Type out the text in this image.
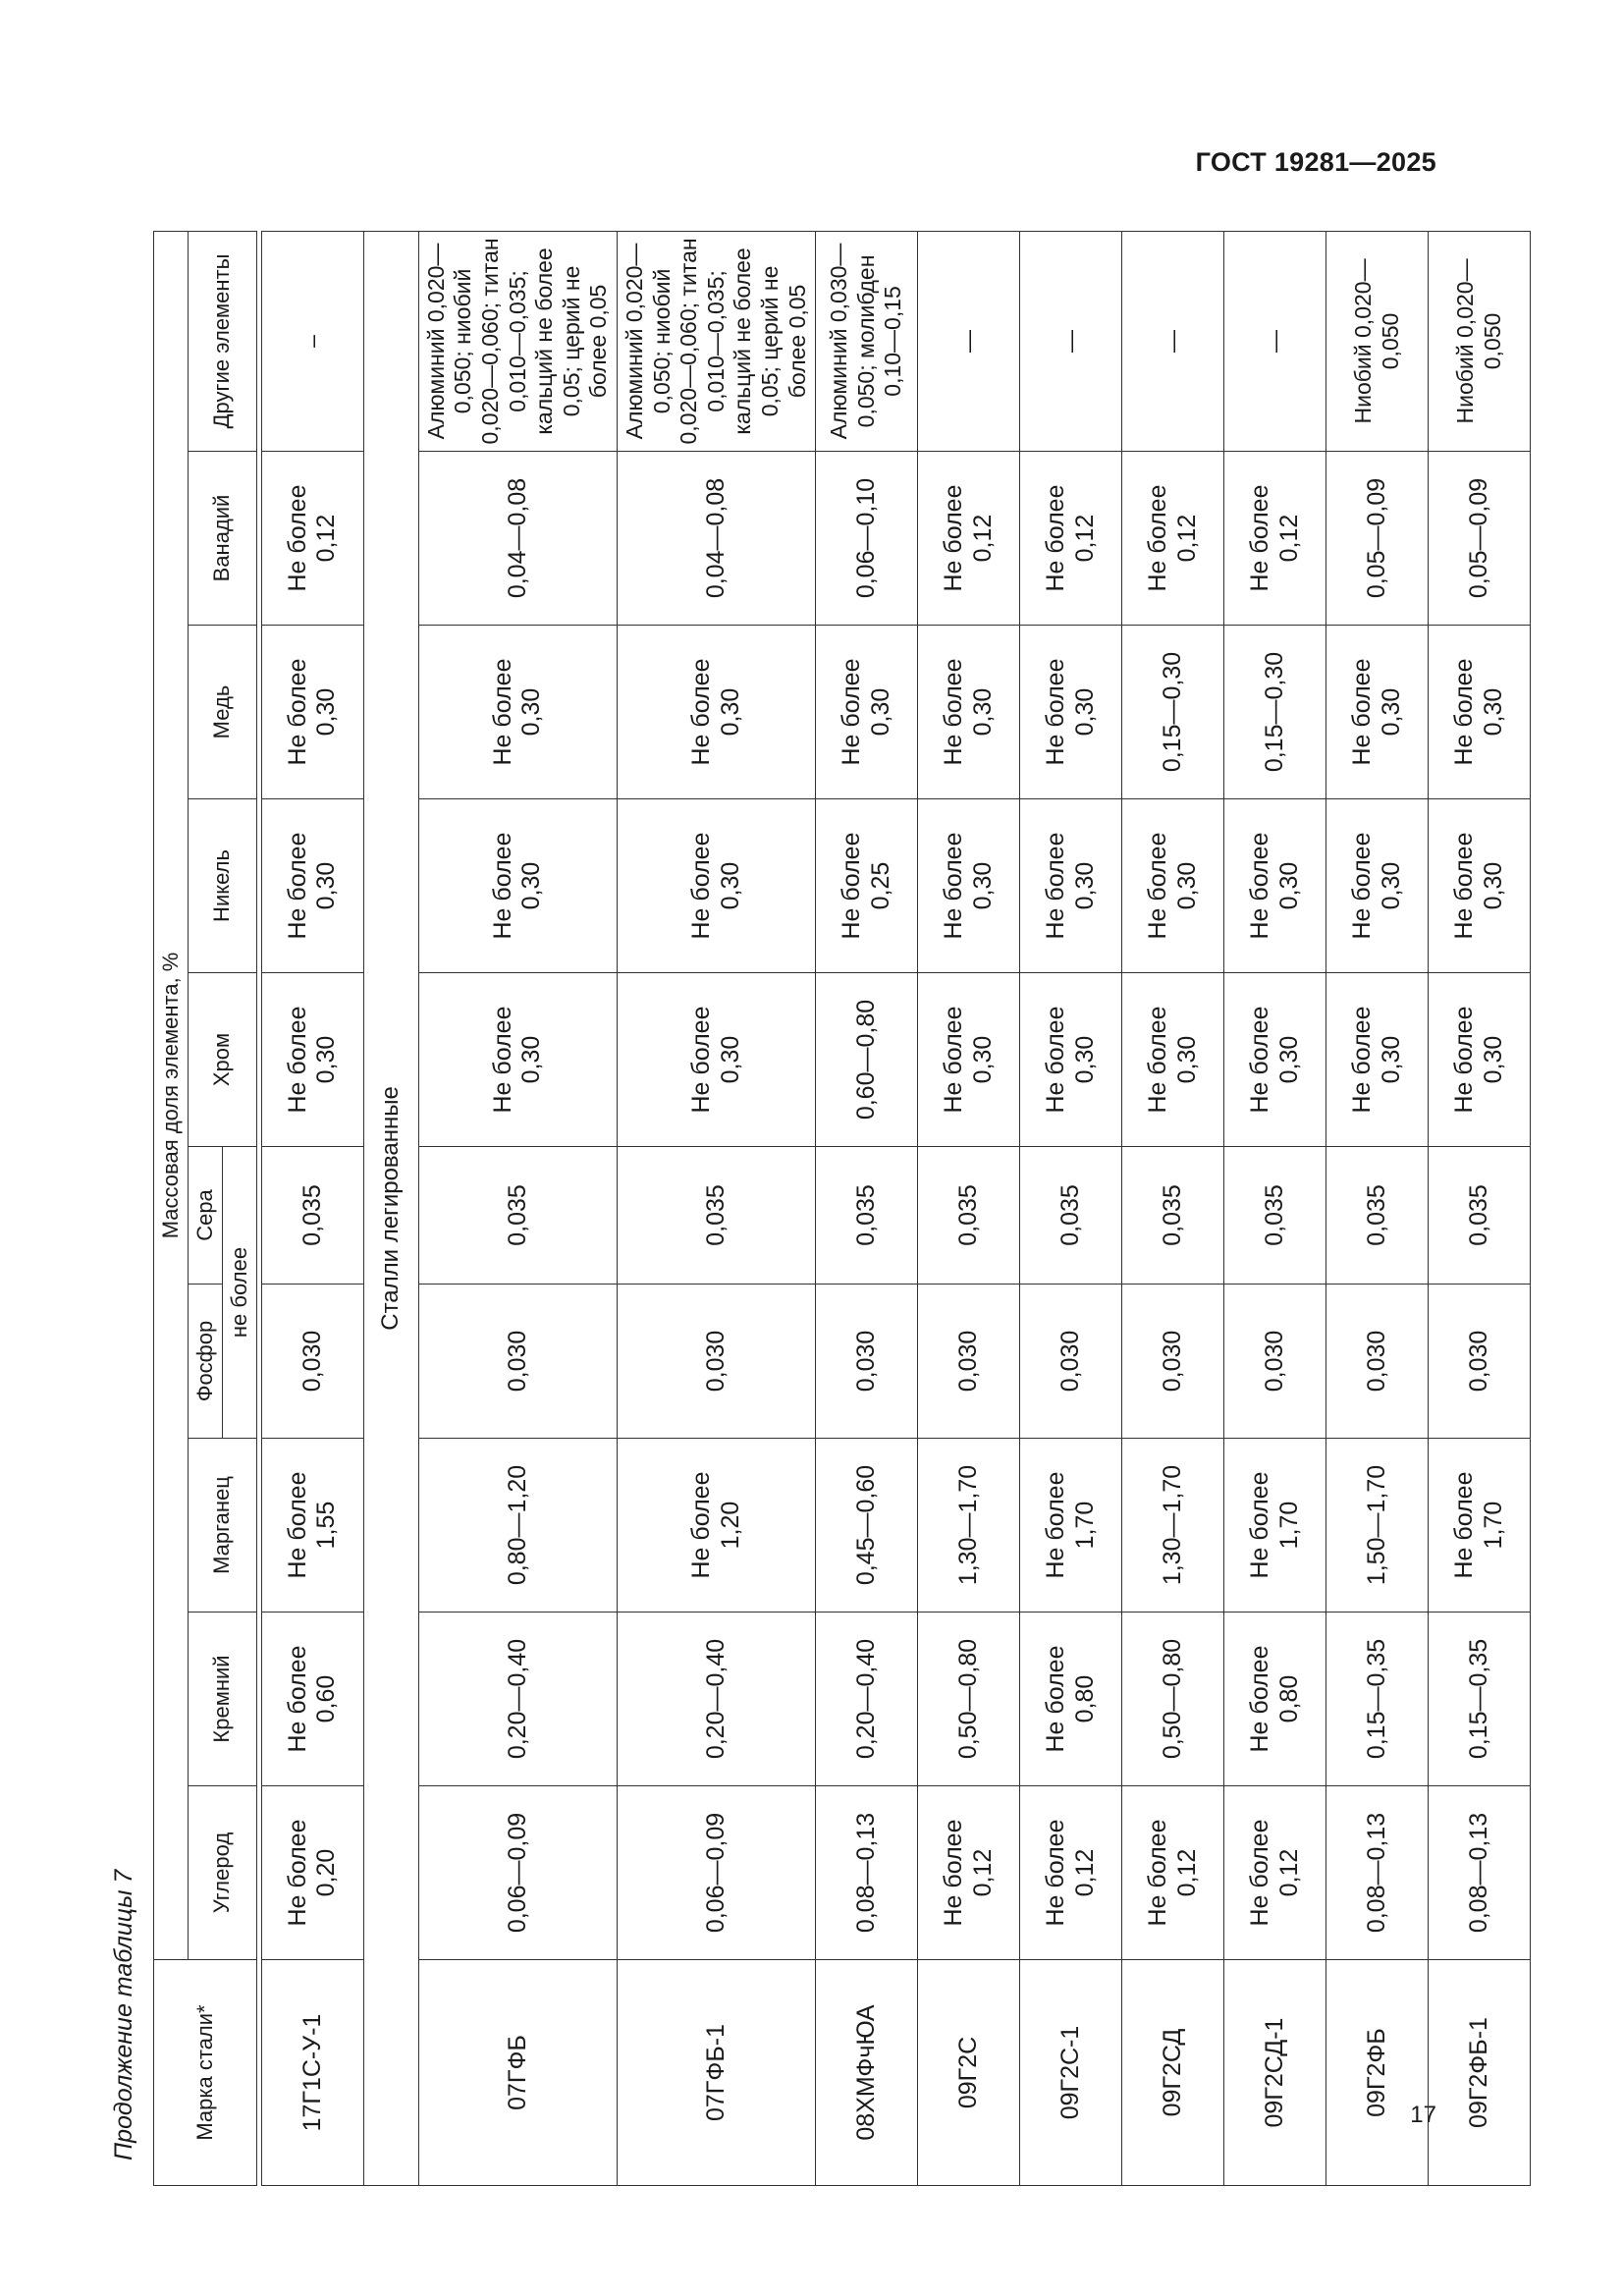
ГОСТ 19281—2025
Продолжение таблицы 7	17
Марка стали*	Массовая доля элемента, %									
	Углерод	Кремний	Марганец	Фосфор	Сера	Хром	Никель	Медь	Ванадий	Другие элементы
				не более						

17Г1С-У-1	Не более 0,20	Не более 0,60	Не более 1,55	0,030	0,035	Не более 0,30	Не более 0,30	Не более 0,30	Не более 0,12	–
Сталли легированные										
07ГФБ	0,06—0,09	0,20—0,40	0,80—1,20	0,030	0,035	Не более 0,30	Не более 0,30	Не более 0,30	0,04—0,08	Алюминий 0,020—0,050; ниобий 0,020—0,060; титан 0,010—0,035; кальций не более 0,05; церий не более 0,05
07ГФБ-1	0,06—0,09	0,20—0,40	Не более 1,20	0,030	0,035	Не более 0,30	Не более 0,30	Не более 0,30	0,04—0,08	Алюминий 0,020—0,050; ниобий 0,020—0,060; титан 0,010—0,035; кальций не более 0,05; церий не более 0,05
08ХМФчЮА	0,08—0,13	0,20—0,40	0,45—0,60	0,030	0,035	0,60—0,80	Не более 0,25	Не более 0,30	0,06—0,10	Алюминий 0,030—0,050; молибден 0,10—0,15
09Г2С	Не более 0,12	0,50—0,80	1,30—1,70	0,030	0,035	Не более 0,30	Не более 0,30	Не более 0,30	Не более 0,12	—
09Г2С-1	Не более 0,12	Не более 0,80	Не более 1,70	0,030	0,035	Не более 0,30	Не более 0,30	Не более 0,30	Не более 0,12	—
09Г2СД	Не более 0,12	0,50—0,80	1,30—1,70	0,030	0,035	Не более 0,30	Не более 0,30	0,15—0,30	Не более 0,12	—
09Г2СД-1	Не более 0,12	Не более 0,80	Не более 1,70	0,030	0,035	Не более 0,30	Не более 0,30	0,15—0,30	Не более 0,12	—
09Г2ФБ	0,08—0,13	0,15—0,35	1,50—1,70	0,030	0,035	Не более 0,30	Не более 0,30	Не более 0,30	0,05—0,09	Ниобий 0,020—0,050
09Г2ФБ-1	0,08—0,13	0,15—0,35	Не более 1,70	0,030	0,035	Не более 0,30	Не более 0,30	Не более 0,30	0,05—0,09	Ниобий 0,020—0,050
